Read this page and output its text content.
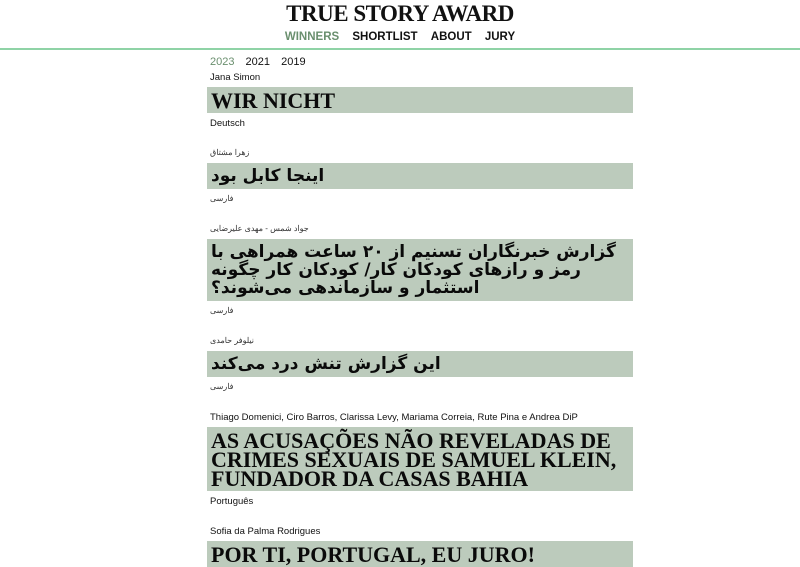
TRUE STORY AWARD
WINNERS SHORTLIST ABOUT JURY
2023 2021 2019
Jana Simon
WIR NICHT
Deutsch
زهرا مشتاق
اینجا کابل بود
فارسی
جواد شمس - مهدی علیرضایی
گزارش خبرنگاران تسنیم از ۲۰ ساعت همراهی با رمز و رازهای کودکان کار/ کودکان کار چگونه استثمار و سازماندهی می‌شوند؟
فارسی
نیلوفر حامدی
این گزارش تنش درد می‌کند
فارسی
Thiago Domenici, Ciro Barros, Clarissa Levy, Mariama Correia, Rute Pina e Andrea DiP
AS ACUSAÇÕES NÃO REVELADAS DE CRIMES SEXUAIS DE SAMUEL KLEIN, FUNDADOR DA CASAS BAHIA
Português
Sofia da Palma Rodrigues
POR TI, PORTUGAL, EU JURO!
